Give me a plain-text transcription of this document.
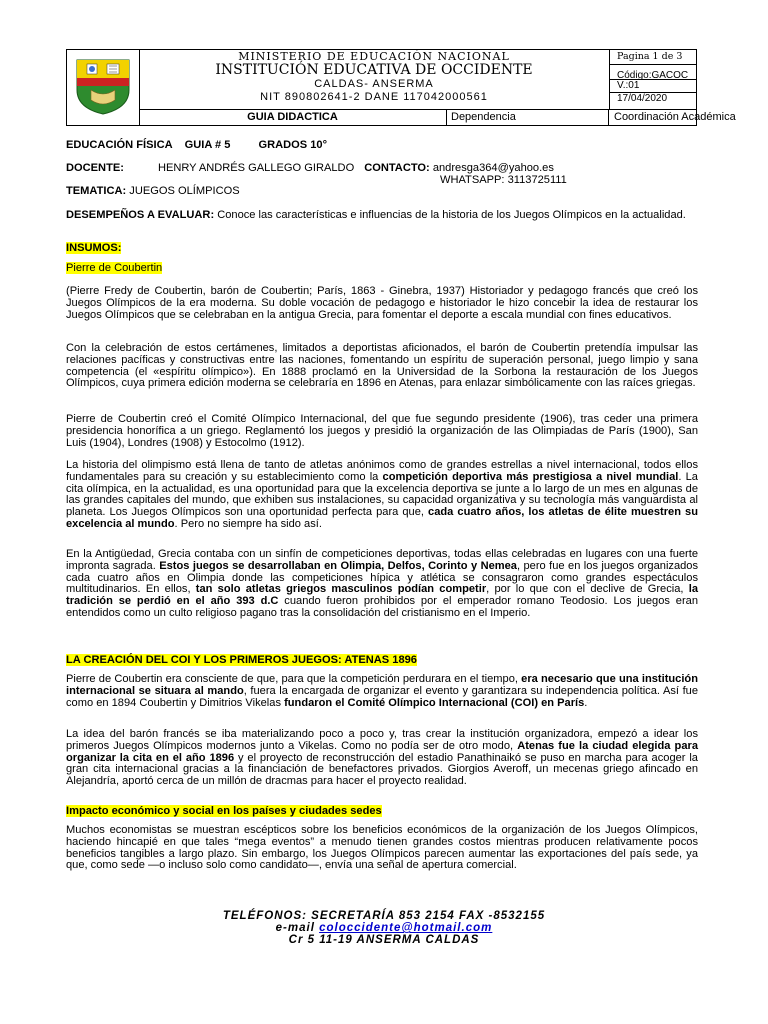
MINISTERIO DE EDUCACIÓN NACIONAL
INSTITUCIÓN EDUCATIVA DE OCCIDENTE
CALDAS- ANSERMA
NIT 890802641-2 DANE 117042000561
Pagina 1 de 3
Código:GACOC
V.:01
17/04/2020
GUIA DIDACTICA	Dependencia	Coordinación Académica
EDUCACIÓN FÍSICA GUIA # 5	GRADOS 10°
DOCENTE:	HENRY ANDRÉS GALLEGO GIRALDO CONTACTO: andresga364@yahoo.es
WHATSAPP: 3113725111
TEMATICA: JUEGOS OLÍMPICOS
DESEMPEÑOS A EVALUAR: Conoce las características e influencias de la historia de los Juegos Olímpicos en la actualidad.
INSUMOS:
Pierre de Coubertin
(Pierre Fredy de Coubertin, barón de Coubertin; París, 1863 - Ginebra, 1937) Historiador y pedagogo francés que creó los Juegos Olímpicos de la era moderna. Su doble vocación de pedagogo e historiador le hizo concebir la idea de restaurar los Juegos Olímpicos que se celebraban en la antigua Grecia, para fomentar el deporte a escala mundial con fines educativos.
Con la celebración de estos certámenes, limitados a deportistas aficionados, el barón de Coubertin pretendía impulsar las relaciones pacíficas y constructivas entre las naciones, fomentando un espíritu de superación personal, juego limpio y sana competencia (el «espíritu olímpico»). En 1888 proclamó en la Universidad de la Sorbona la restauración de los Juegos Olímpicos, cuya primera edición moderna se celebraría en 1896 en Atenas, para enlazar simbólicamente con las raíces griegas.
Pierre de Coubertin creó el Comité Olímpico Internacional, del que fue segundo presidente (1906), tras ceder una primera presidencia honorífica a un griego. Reglamentó los juegos y presidió la organización de las Olimpiadas de París (1900), San Luis (1904), Londres (1908) y Estocolmo (1912).
La historia del olimpismo está llena de tanto de atletas anónimos como de grandes estrellas a nivel internacional, todos ellos fundamentales para su creación y su establecimiento como la competición deportiva más prestigiosa a nivel mundial. La cita olímpica, en la actualidad, es una oportunidad para que la excelencia deportiva se junte a lo largo de un mes en algunas de las grandes capitales del mundo, que exhiben sus instalaciones, su capacidad organizativa y su tecnología más vanguardista al planeta. Los Juegos Olímpicos son una oportunidad perfecta para que, cada cuatro años, los atletas de élite muestren su excelencia al mundo. Pero no siempre ha sido así.
En la Antigüedad, Grecia contaba con un sinfín de competiciones deportivas, todas ellas celebradas en lugares con una fuerte impronta sagrada. Estos juegos se desarrollaban en Olimpia, Delfos, Corinto y Nemea, pero fue en los juegos organizados cada cuatro años en Olimpia donde las competiciones hípica y atlética se consagraron como grandes espectáculos multitudinarios. En ellos, tan solo atletas griegos masculinos podían competir, por lo que con el declive de Grecia, la tradición se perdió en el año 393 d.C cuando fueron prohibidos por el emperador romano Teodosio. Los juegos eran entendidos como un culto religioso pagano tras la consolidación del cristianismo en el Imperio.
LA CREACIÓN DEL COI Y LOS PRIMEROS JUEGOS: ATENAS 1896
Pierre de Coubertin era consciente de que, para que la competición perdurara en el tiempo, era necesario que una institución internacional se situara al mando, fuera la encargada de organizar el evento y garantizara su independencia política. Así fue como en 1894 Coubertin y Dimitrios Vikelas fundaron el Comité Olímpico Internacional (COI) en París.
La idea del barón francés se iba materializando poco a poco y, tras crear la institución organizadora, empezó a idear los primeros Juegos Olímpicos modernos junto a Vikelas. Como no podía ser de otro modo, Atenas fue la ciudad elegida para organizar la cita en el año 1896 y el proyecto de reconstrucción del estadio Panathinaikó se puso en marcha para acoger la gran cita internacional gracias a la financiación de benefactores privados. Giorgios Averoff, un mecenas griego afincado en Alejandría, aportó cerca de un millón de dracmas para hacer el proyecto realidad.
Impacto económico y social en los países y ciudades sedes
Muchos economistas se muestran escépticos sobre los beneficios económicos de la organización de los Juegos Olímpicos, haciendo hincapié en que tales “mega eventos” a menudo tienen grandes costos mientras producen relativamente pocos beneficios tangibles a largo plazo. Sin embargo, los Juegos Olímpicos parecen aumentar las exportaciones del país sede, ya que, como sede —o incluso solo como candidato—, envía una señal de apertura comercial.
TELÉFONOS: SECRETARÍA 853 2154 FAX -8532155
e-mail coloccidente@hotmail.com
Cr 5 11-19 ANSERMA CALDAS
